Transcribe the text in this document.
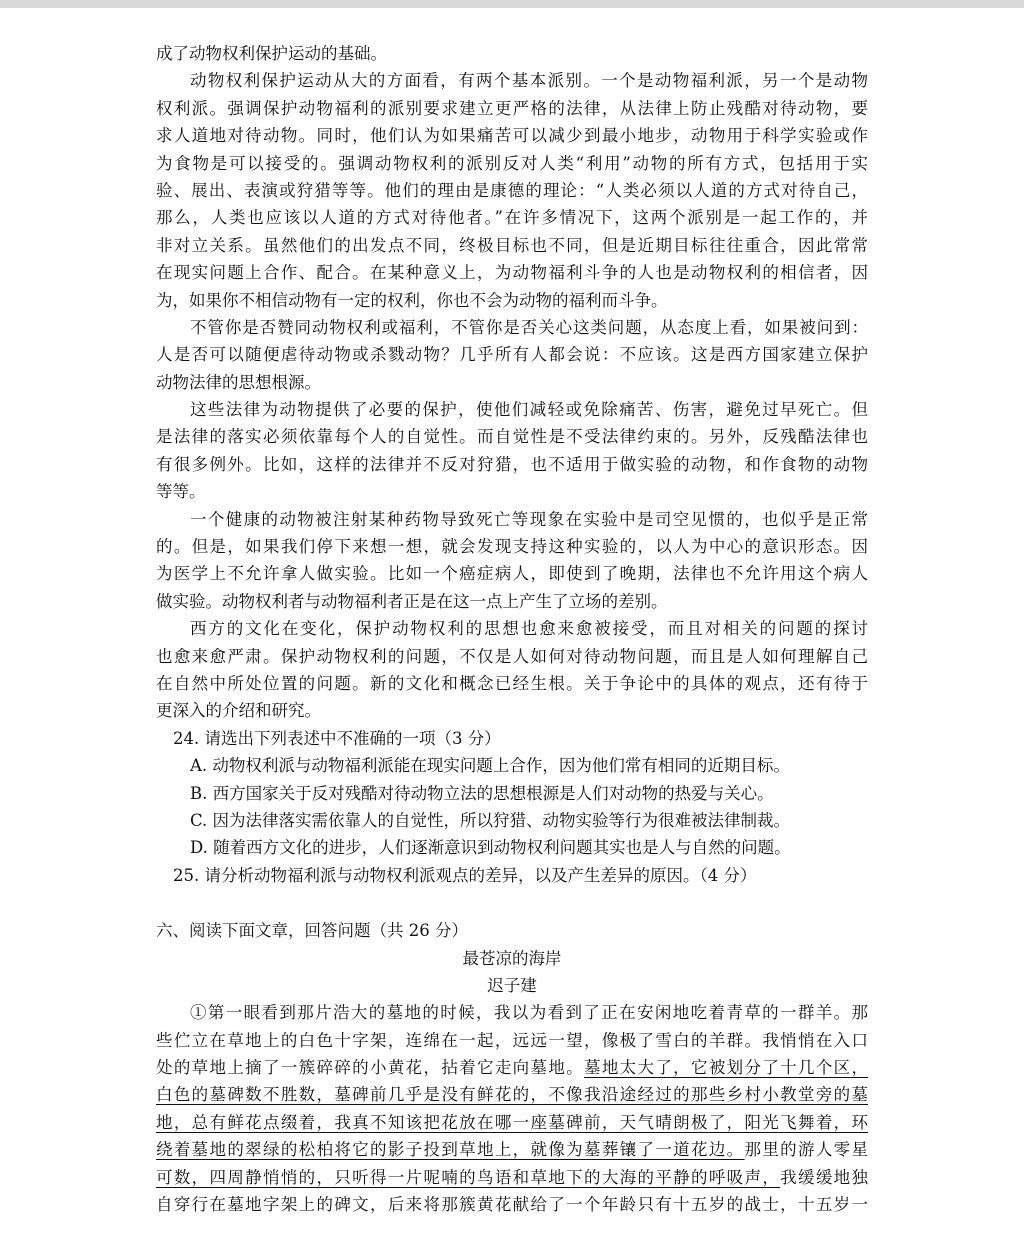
成了动物权利保护运动的基础。
动物权利保护运动从大的方面看，有两个基本派别。一个是动物福利派，另一个是动物
权利派。强调保护动物福利的派别要求建立更严格的法律，从法律上防止残酷对待动物，要
求人道地对待动物。同时，他们认为如果痛苦可以减少到最小地步，动物用于科学实验或作
为食物是可以接受的。强调动物权利的派别反对人类“利用”动物的所有方式，包括用于实
验、展出、表演或狩猎等等。他们的理由是康德的理论：“人类必须以人道的方式对待自己，
那么，人类也应该以人道的方式对待他者。”在许多情况下，这两个派别是一起工作的，并
非对立关系。虽然他们的出发点不同，终极目标也不同，但是近期目标往往重合，因此常常
在现实问题上合作、配合。在某种意义上，为动物福利斗争的人也是动物权利的相信者，因
为，如果你不相信动物有一定的权利，你也不会为动物的福利而斗争。
不管你是否赞同动物权利或福利，不管你是否关心这类问题，从态度上看，如果被问到：
人是否可以随便虐待动物或杀戮动物？几乎所有人都会说：不应该。这是西方国家建立保护
动物法律的思想根源。
这些法律为动物提供了必要的保护，使他们减轻或免除痛苦、伤害，避免过早死亡。但
是法律的落实必须依靠每个人的自觉性。而自觉性是不受法律约束的。另外，反残酷法律也
有很多例外。比如，这样的法律并不反对狩猎，也不适用于做实验的动物，和作食物的动物
等等。
一个健康的动物被注射某种药物导致死亡等现象在实验中是司空见惯的，也似乎是正常
的。但是，如果我们停下来想一想，就会发现支持这种实验的，以人为中心的意识形态。因
为医学上不允许拿人做实验。比如一个癌症病人，即使到了晚期，法律也不允许用这个病人
做实验。动物权利者与动物福利者正是在这一点上产生了立场的差别。
西方的文化在变化，保护动物权利的思想也愈来愈被接受，而且对相关的问题的探讨
也愈来愈严肃。保护动物权利的问题，不仅是人如何对待动物问题，而且是人如何理解自己
在自然中所处位置的问题。新的文化和概念已经生根。关于争论中的具体的观点，还有待于
更深入的介绍和研究。
24. 请选出下列表述中不准确的一项（3 分）
A. 动物权利派与动物福利派能在现实问题上合作，因为他们常有相同的近期目标。
B. 西方国家关于反对残酷对待动物立法的思想根源是人们对动物的热爱与关心。
C. 因为法律落实需依靠人的自觉性，所以狩猎、动物实验等行为很难被法律制裁。
D. 随着西方文化的进步，人们逐渐意识到动物权利问题其实也是人与自然的问题。
25. 请分析动物福利派与动物权利派观点的差异，以及产生差异的原因。（4 分）
六、阅读下面文章，回答问题（共 26 分）
最苍凉的海岸
迟子建
①第一眼看到那片浩大的墓地的时候，我以为看到了正在安闲地吃着青草的一群羊。那
些伫立在草地上的白色十字架，连绵在一起，远远一望，像极了雪白的羊群。我悄悄在入口
处的草地上摘了一簇碎碎的小黄花，拈着它走向墓地。墓地太大了，它被划分了十几个区，
白色的墓碑数不胜数，墓碑前几乎是没有鲜花的，不像我沿途经过的那些乡村小教堂旁的墓
地，总有鲜花点缀着，我真不知该把花放在哪一座墓碑前，天气晴朗极了，阳光飞舞着，环
绕着墓地的翠绿的松柏将它的影子投到草地上，就像为墓葬镶了一道花边。那里的游人零星
可数，四周静悄悄的，只听得一片呢喃的鸟语和草地下的大海的平静的呼吸声，我缓缓地独
自穿行在墓地字架上的碑文，后来将那簇黄花献给了一个年龄只有十五岁的战士，十五岁一
